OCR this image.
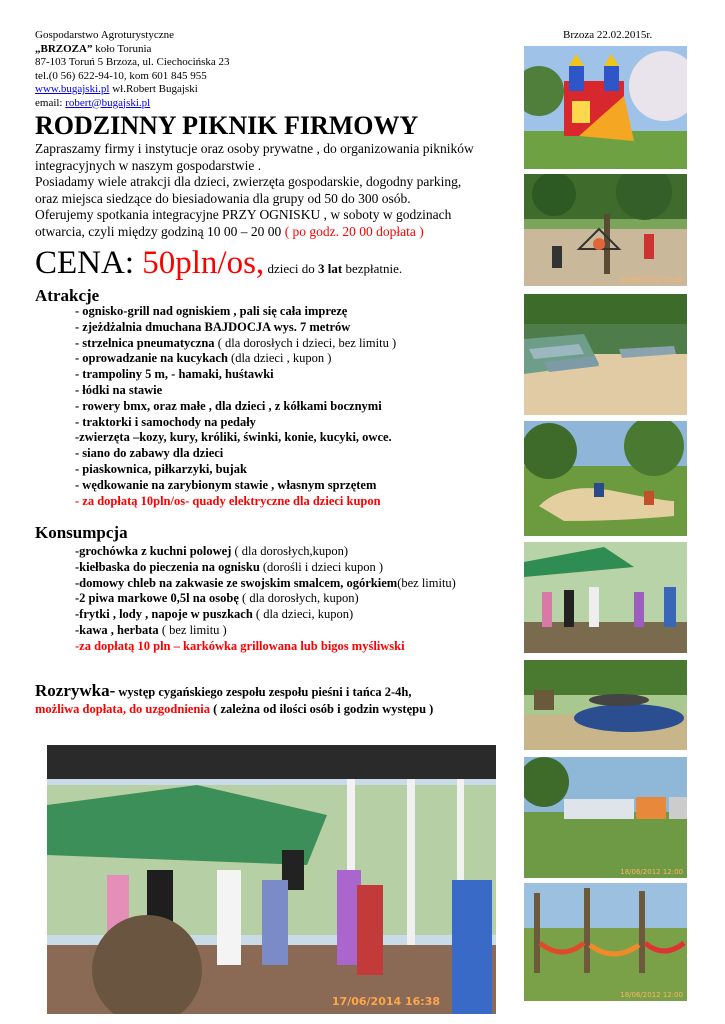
Gospodarstwo Agroturystyczne
„BRZOZA” koło Torunia
87-103 Toruń 5 Brzoza, ul. Ciechocińska 23
tel.(0 56) 622-94-10, kom 601 845 955
www.bugajski.pl wł.Robert Bugajski
email: robert@bugajski.pl
Brzoza 22.02.2015r.
RODZINNY PIKNIK FIRMOWY
Zapraszamy firmy i instytucje oraz osoby prywatne , do organizowania pikników
integracyjnych w naszym gospodarstwie .
Posiadamy wiele atrakcji dla dzieci, zwierzęta gospodarskie, dogodny parking,
oraz miejsca siedzące do biesiadowania dla grupy od 50 do 300 osób.
Oferujemy spotkania integracyjne PRZY OGNISKU , w soboty w godzinach
otwarcia, czyli między godziną 10 00 – 20 00 ( po godz. 20 00 dopłata )
CENA: 50pln/os, dzieci do 3 lat bezpłatnie.
Atrakcje
- ognisko-grill nad ogniskiem , pali się cała imprezę
- zjeżdżalnia dmuchana BAJDOCJA wys. 7 metrów
- strzelnica pneumatyczna ( dla dorosłych i dzieci, bez limitu )
- oprowadzanie na kucykach (dla dzieci , kupon )
- trampoliny 5 m, - hamaki, huśtawki
- łódki na stawie
- rowery bmx, oraz małe , dla dzieci , z kółkami bocznymi
- traktorki i samochody na pedały
-zwierzęta –kozy, kury, króliki, świnki, konie, kucyki, owce.
- siano do zabawy dla dzieci
- piaskownica, piłkarzyki, bujak
- wędkowanie na zarybionym stawie , własnym sprzętem
- za dopłatą 10pln/os- quady elektryczne dla dzieci kupon
Konsumpcja
-grochówka z kuchni polowej ( dla dorosłych,kupon)
-kiełbaska do pieczenia na ognisku (dorośli i dzieci kupon )
-domowy chleb na zakwasie ze swojskim smalcem, ogórkiem(bez limitu)
-2 piwa markowe 0,5l na osobę ( dla dorosłych, kupon)
-frytki , lody , napoje w puszkach ( dla dzieci, kupon)
-kawa , herbata ( bez limitu )
-za dopłatą 10 pln – karkówka grillowana lub bigos myśliwski
Rozrywka- występ cygańskiego zespołu zespołu pieśni i tańca 2-4h,
możliwa dopłata, do uzgodnienia ( zależna od ilości osób i godzin występu )
18/06/2012 12:00
18/06/2012 12:00
18/06/2012 12:00
17/06/2014 16:38
